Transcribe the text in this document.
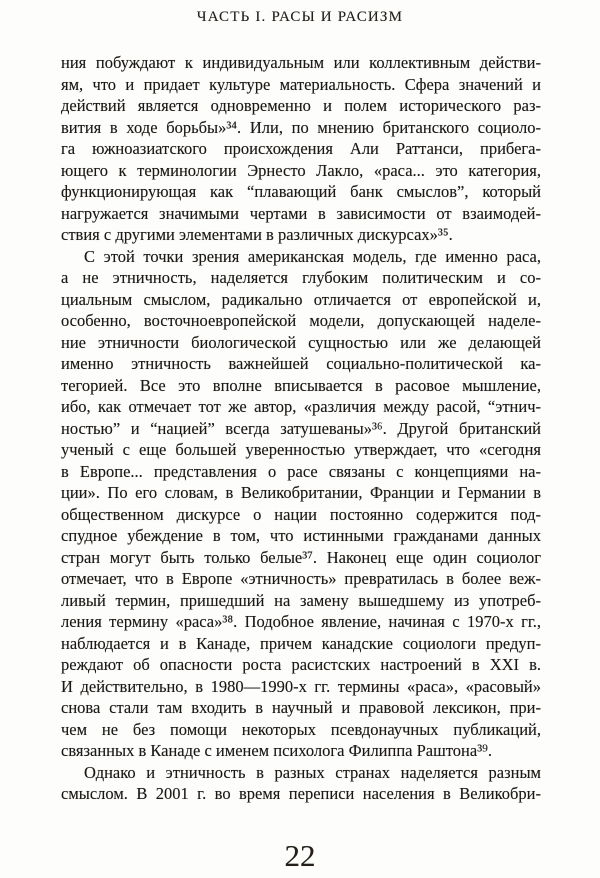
ЧАСТЬ I. РАСЫ И РАСИЗМ
ния побуждают к индивидуальным или коллективным действи-
ям, что и придает культуре материальность. Сфера значений и
действий является одновременно и полем исторического раз-
вития в ходе борьбы»³⁴. Или, по мнению британского социоло-
га южноазиатского происхождения Али Раттанси, прибега-
ющего к терминологии Эрнесто Лакло, «раса... это категория,
функционирующая как “плавающий банк смыслов”, который
нагружается значимыми чертами в зависимости от взаимодей-
ствия с другими элементами в различных дискурсах»³⁵.
С этой точки зрения американская модель, где именно раса,
а не этничность, наделяется глубоким политическим и со-
циальным смыслом, радикально отличается от европейской и,
особенно, восточноевропейской модели, допускающей наделе-
ние этничности биологической сущностью или же делающей
именно этничность важнейшей социально-политической ка-
тегорией. Все это вполне вписывается в расовое мышление,
ибо, как отмечает тот же автор, «различия между расой, “этнич-
ностью” и “нацией” всегда затушеваны»³⁶. Другой британский
ученый с еще большей уверенностью утверждает, что «сегодня
в Европе... представления о расе связаны с концепциями на-
ции». По его словам, в Великобритании, Франции и Германии в
общественном дискурсе о нации постоянно содержится под-
спудное убеждение в том, что истинными гражданами данных
стран могут быть только белые³⁷. Наконец еще один социолог
отмечает, что в Европе «этничность» превратилась в более веж-
ливый термин, пришедший на замену вышедшему из употреб-
ления термину «раса»³⁸. Подобное явление, начиная с 1970-х гг.,
наблюдается и в Канаде, причем канадские социологи предуп-
реждают об опасности роста расистских настроений в XXI в.
И действительно, в 1980—1990-х гг. термины «раса», «расовый»
снова стали там входить в научный и правовой лексикон, при-
чем не без помощи некоторых псевдонаучных публикаций,
связанных в Канаде с именем психолога Филиппа Раштона³⁹.
Однако и этничность в разных странах наделяется разным
смыслом. В 2001 г. во время переписи населения в Великобри-
22
